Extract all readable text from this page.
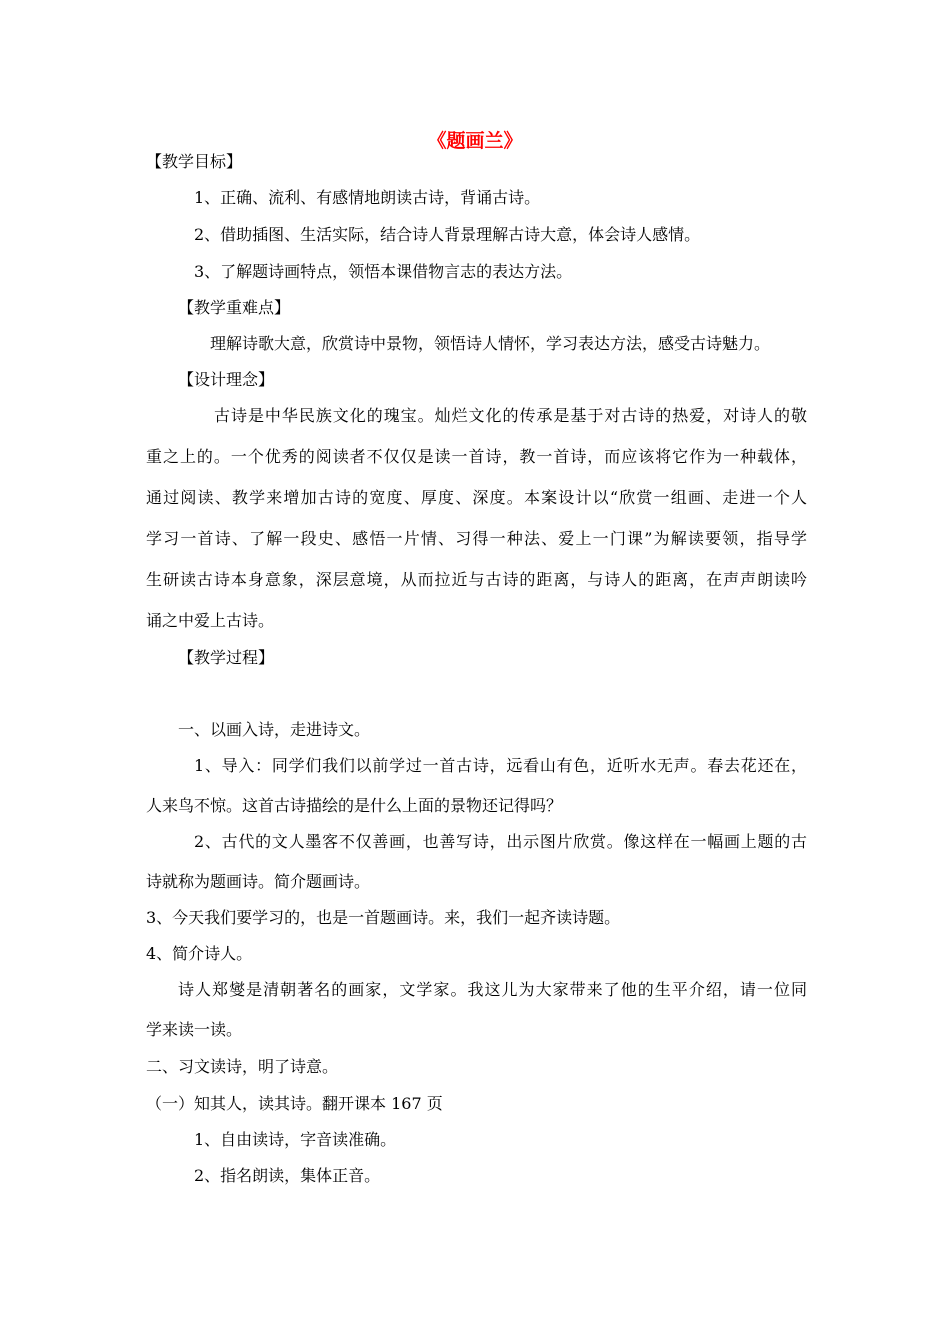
《题画兰》
【教学目标】
1、正确、流利、有感情地朗读古诗，背诵古诗。
2、借助插图、生活实际，结合诗人背景理解古诗大意，体会诗人感情。
3、了解题诗画特点，领悟本课借物言志的表达方法。
【教学重难点】
理解诗歌大意，欣赏诗中景物，领悟诗人情怀，学习表达方法，感受古诗魅力。
【设计理念】
古诗是中华民族文化的瑰宝。灿烂文化的传承是基于对古诗的热爱，对诗人的敬
重之上的。一个优秀的阅读者不仅仅是读一首诗，教一首诗，而应该将它作为一种载体，
通过阅读、教学来增加古诗的宽度、厚度、深度。本案设计以“欣赏一组画、走进一个人
学习一首诗、了解一段史、感悟一片情、习得一种法、爱上一门课”为解读要领，指导学
生研读古诗本身意象，深层意境，从而拉近与古诗的距离，与诗人的距离，在声声朗读吟
诵之中爱上古诗。
【教学过程】
一、以画入诗，走进诗文。
1、导入：同学们我们以前学过一首古诗，远看山有色，近听水无声。春去花还在，
人来鸟不惊。这首古诗描绘的是什么上面的景物还记得吗？
2、古代的文人墨客不仅善画，也善写诗，出示图片欣赏。像这样在一幅画上题的古
诗就称为题画诗。简介题画诗。
3、今天我们要学习的，也是一首题画诗。来，我们一起齐读诗题。
4、简介诗人。
诗人郑燮是清朝著名的画家，文学家。我这儿为大家带来了他的生平介绍，请一位同
学来读一读。
二、习文读诗，明了诗意。
（一）知其人，读其诗。翻开课本 167 页
1、自由读诗，字音读准确。
2、指名朗读，集体正音。
